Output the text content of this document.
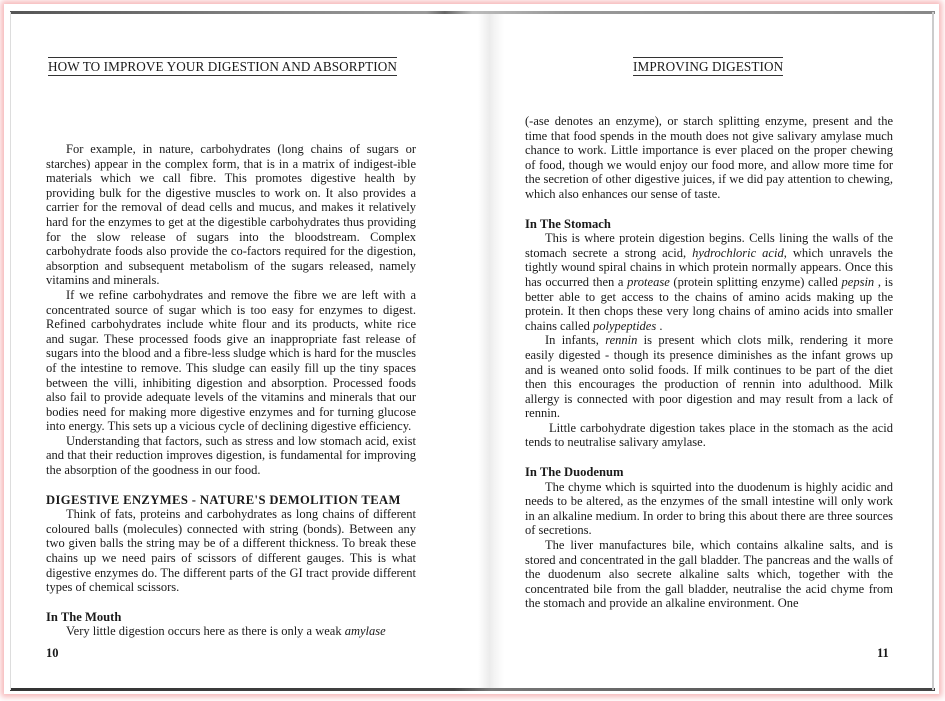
HOW TO IMPROVE YOUR DIGESTION AND ABSORPTION

For example, in nature, carbohydrates (long chains of sugars or starches) appear in the complex form, that is in a matrix of indigest-ible materials which we call fibre. This promotes digestive health by providing bulk for the digestive muscles to work on. It also provides a carrier for the removal of dead cells and mucus, and makes it relatively hard for the enzymes to get at the digestible carbohydrates thus providing for the slow release of sugars into the bloodstream. Complex carbohydrate foods also provide the co-factors required for the digestion, absorption and subsequent metabolism of the sugars released, namely vitamins and minerals.

If we refine carbohydrates and remove the fibre we are left with a concentrated source of sugar which is too easy for enzymes to digest. Refined carbohydrates include white flour and its products, white rice and sugar. These processed foods give an inappropriate fast release of sugars into the blood and a fibre-less sludge which is hard for the muscles of the intestine to remove. This sludge can easily fill up the tiny spaces between the villi, inhibiting digestion and absorption. Processed foods also fail to provide adequate levels of the vitamins and minerals that our bodies need for making more digestive enzymes and for turning glucose into energy. This sets up a vicious cycle of declining digestive efficiency.

Understanding that factors, such as stress and low stomach acid, exist and that their reduction improves digestion, is fundamental for improving the absorption of the goodness in our food.

DIGESTIVE ENZYMES - NATURE'S DEMOLITION TEAM

Think of fats, proteins and carbohydrates as long chains of different coloured balls (molecules) connected with string (bonds). Between any two given balls the string may be of a different thickness. To break these chains up we need pairs of scissors of different gauges. This is what digestive enzymes do. The different parts of the GI tract provide different types of chemical scissors.

In The Mouth

Very little digestion occurs here as there is only a weak amylase

10
IMPROVING DIGESTION

(-ase denotes an enzyme), or starch splitting enzyme, present and the time that food spends in the mouth does not give salivary amylase much chance to work. Little importance is ever placed on the proper chewing of food, though we would enjoy our food more, and allow more time for the secretion of other digestive juices, if we did pay attention to chewing, which also enhances our sense of taste.

In The Stomach

This is where protein digestion begins. Cells lining the walls of the stomach secrete a strong acid, hydrochloric acid, which unravels the tightly wound spiral chains in which protein normally appears. Once this has occurred then a protease (protein splitting enzyme) called pepsin , is better able to get access to the chains of amino acids making up the protein. It then chops these very long chains of amino acids into smaller chains called polypeptides .

In infants, rennin is present which clots milk, rendering it more easily digested - though its presence diminishes as the infant grows up and is weaned onto solid foods. If milk continues to be part of the diet then this encourages the production of rennin into adulthood. Milk allergy is connected with poor digestion and may result from a lack of rennin.

Little carbohydrate digestion takes place in the stomach as the acid tends to neutralise salivary amylase.

In The Duodenum

The chyme which is squirted into the duodenum is highly acidic and needs to be altered, as the enzymes of the small intestine will only work in an alkaline medium. In order to bring this about there are three sources of secretions.

The liver manufactures bile, which contains alkaline salts, and is stored and concentrated in the gall bladder. The pancreas and the walls of the duodenum also secrete alkaline salts which, together with the concentrated bile from the gall bladder, neutralise the acid chyme from the stomach and provide an alkaline environment. One

11
